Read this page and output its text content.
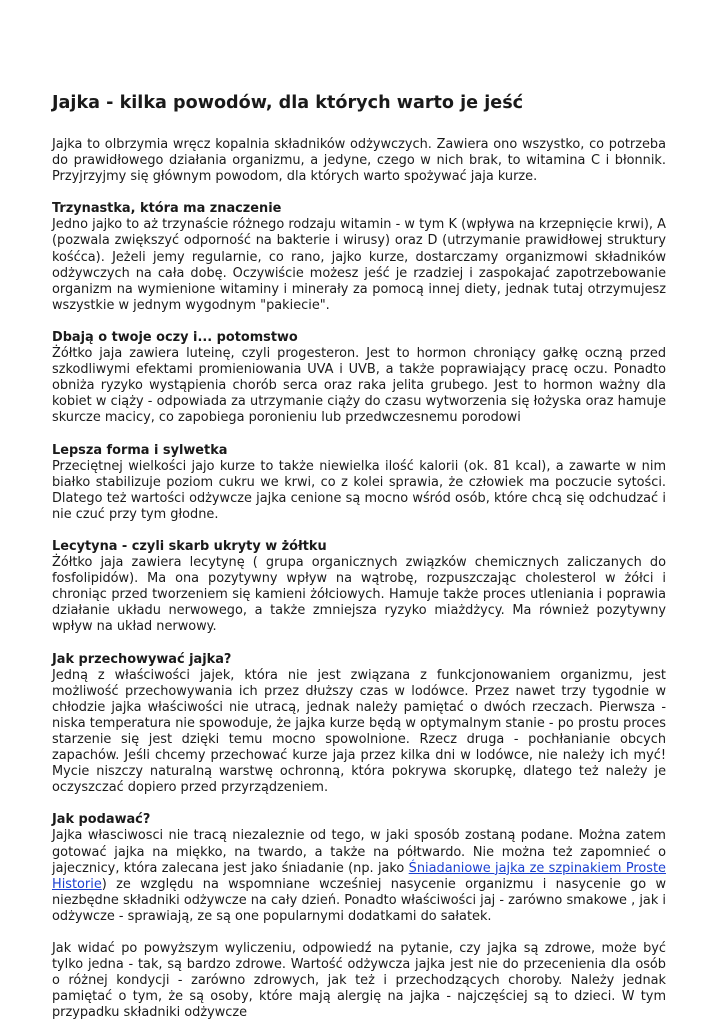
Jajka - kilka powodów, dla których warto je jeść

Jajka to olbrzymia wręcz kopalnia składników odżywczych. Zawiera ono wszystko, co potrzeba do prawidłowego działania organizmu, a jedyne, czego w nich brak, to witamina C i błonnik. Przyjrzyjmy się głównym powodom, dla których warto spożywać jaja kurze.

Trzynastka, która ma znaczenie

Jedno jajko to aż trzynaście różnego rodzaju witamin - w tym K (wpływa na krzepnięcie krwi), A (pozwala zwiększyć odporność na bakterie i wirusy) oraz D (utrzymanie prawidłowej struktury kośćca). Jeżeli jemy regularnie, co rano, jajko kurze, dostarczamy organizmowi składników odżywczych na cała dobę. Oczywiście możesz jeść je rzadziej i zaspokajać zapotrzebowanie organizm na wymienione witaminy i minerały za pomocą innej diety, jednak tutaj otrzymujesz wszystkie w jednym wygodnym "pakiecie".

Dbają o twoje oczy i... potomstwo

Żółtko jaja zawiera luteinę, czyli progesteron. Jest to hormon chroniący gałkę oczną przed szkodliwymi efektami promieniowania UVA i UVB, a także poprawiający pracę oczu. Ponadto obniża ryzyko wystąpienia chorób serca oraz raka jelita grubego. Jest to hormon ważny dla kobiet w ciąży - odpowiada za utrzymanie ciąży do czasu wytworzenia się łożyska oraz hamuje skurcze macicy, co zapobiega poronieniu lub przedwczesnemu porodowi

Lepsza forma i sylwetka

Przeciętnej wielkości jajo kurze to także niewielka ilość kalorii (ok. 81 kcal), a zawarte w nim białko stabilizuje poziom cukru we krwi, co z kolei sprawia, że człowiek ma poczucie sytości. Dlatego też wartości odżywcze jajka cenione są mocno wśród osób, które chcą się odchudzać i nie czuć przy tym głodne.

Lecytyna - czyli skarb ukryty w żółtku

Żółtko jaja zawiera lecytynę ( grupa organicznych związków chemicznych zaliczanych do fosfolipidów). Ma ona pozytywny wpływ na wątrobę, rozpuszczając cholesterol w żółci i chroniąc przed tworzeniem się kamieni żółciowych. Hamuje także proces utleniania i poprawia działanie układu nerwowego, a także zmniejsza ryzyko miażdżycy. Ma również pozytywny wpływ na układ nerwowy.

Jak przechowywać jajka?

Jedną z właściwości jajek, która nie jest związana z funkcjonowaniem organizmu, jest możliwość przechowywania ich przez dłuższy czas w lodówce. Przez nawet trzy tygodnie w chłodzie jajka właściwości nie utracą, jednak należy pamiętać o dwóch rzeczach. Pierwsza - niska temperatura nie spowoduje, że jajka kurze będą w optymalnym stanie - po prostu proces starzenie się jest dzięki temu mocno spowolnione. Rzecz druga - pochłanianie obcych zapachów. Jeśli chcemy przechować kurze jaja przez kilka dni w lodówce, nie należy ich myć! Mycie niszczy naturalną warstwę ochronną, która pokrywa skorupkę, dlatego też należy je oczyszczać dopiero przed przyrządzeniem.

Jak podawać?

Jajka własciwosci nie tracą niezaleznie od tego, w jaki sposób zostaną podane. Można zatem gotować jajka na miękko, na twardo, a także na półtwardo. Nie można też zapomnieć o jajecznicy, która zalecana jest jako śniadanie (np. jako Śniadaniowe jajka ze szpinakiem Proste Historie) ze względu na wspomniane wcześniej nasycenie organizmu i nasycenie go w niezbędne składniki odżywcze na cały dzień. Ponadto właściwości jaj - zarówno smakowe , jak i odżywcze - sprawiają, ze są one popularnymi dodatkami do sałatek.

Jak widać po powyższym wyliczeniu, odpowiedź na pytanie, czy jajka są zdrowe, może być tylko jedna - tak, są bardzo zdrowe. Wartość odżywcza jajka jest nie do przecenienia dla osób o różnej kondycji - zarówno zdrowych, jak też i przechodzących choroby. Należy jednak pamiętać o tym, że są osoby, które mają alergię na jajka - najczęściej są to dzieci. W tym przypadku składniki odżywcze
